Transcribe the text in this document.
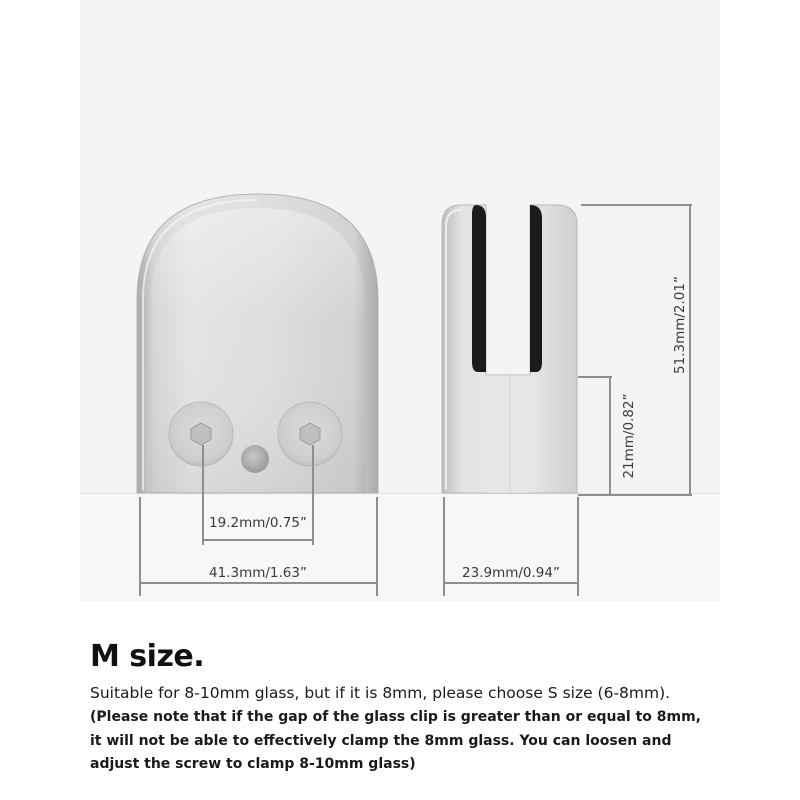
19.2mm/0.75”
41.3mm/1.63”	23.9mm/0.94”
21mm/0.82”
51.3mm/2.01”
M size.

Suitable for 8-10mm glass, but if it is 8mm, please choose S size (6-8mm).

(Please note that if the gap of the glass clip is greater than or equal to 8mm, it will not be able to effectively clamp the 8mm glass. You can loosen and adjust the screw to clamp 8-10mm glass)
